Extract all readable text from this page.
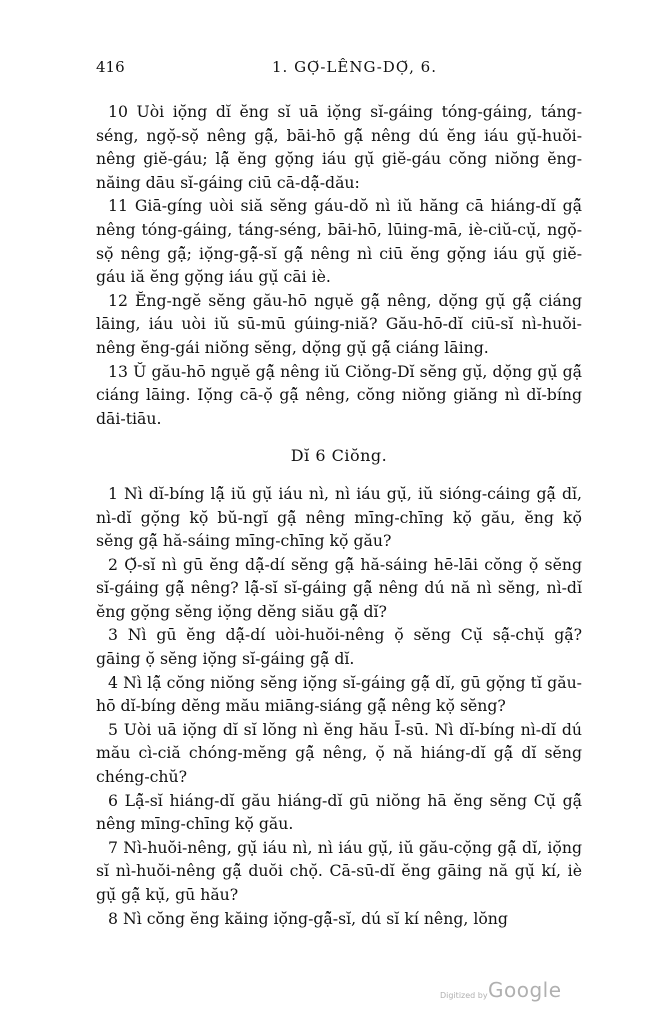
416	1. GỌ̆-LÊNG-DỌ̆, 6.

10 Uòi iọ̆ng dĭ ĕng sĭ uā iọ̆ng sĭ-gáing tóng-gáing, táng-séng, ngọ̆-sọ̆ nêng gậ̆, bāi-hō gậ̆ nêng dú ĕng iáu gụ̆-huŏi-nêng giĕ-gáu; lậ̆ ĕng gọ̆ng iáu gụ̆ giĕ-gáu cŏng niŏng ĕng-năing dāu sĭ-gáing ciū cā-dậ̆-dău:

11 Giā-gíng uòi siă sĕng gáu-dŏ nì iŭ hăng cā hiáng-dĭ gậ̆ nêng tóng-gáing, táng-séng, bāi-hō, lūing-mā, iè-ciŭ-cụ̆, ngọ̆-sọ̆ nêng gậ̆; iọ̆ng-gậ̆-sĭ gậ̆ nêng nì ciū ĕng gọ̆ng iáu gụ̆ giĕ-gáu iă ĕng gọ̆ng iáu gụ̆ cāi iè.

12 Ĕng-ngĕ sĕng gău-hō ngụĕ gậ̆ nêng, dọ̆ng gụ̆ gậ̆ ciáng lāing, iáu uòi iŭ sū-mū gúing-niă? Gău-hō-dĭ ciū-sĭ nì-huŏi-nêng ĕng-gái niŏng sĕng, dọ̆ng gụ̆ gậ̆ ciáng lāing.

13 Ŭ gău-hō ngụĕ gậ̆ nêng iŭ Ciŏng-Dĭ sĕng gụ̆, dọ̆ng gụ̆ gậ̆ ciáng lāing. Iọ̆ng cā-ọ̆ gậ̆ nêng, cŏng niŏng giăng nì dĭ-bíng dāi-tiāu.

Dĭ 6 Ciŏng.

1 Nì dĭ-bíng lậ̆ iŭ gụ̆ iáu nì, nì iáu gụ̆, iŭ sióng-cáing gậ̆ dĭ, nì-dĭ gọ̆ng kọ̆ bŭ-ngĭ gậ̆ nêng mīng-chīng kọ̆ gău, ĕng kọ̆ sĕng gậ̆ hă-sáing mīng-chīng kọ̆ gău?

2 Ọ̆-sĭ nì gū ĕng dậ̆-dí sĕng gậ̆ hă-sáing hē-lāi cŏng ọ̆ sĕng sĭ-gáing gậ̆ nêng? lậ̆-sĭ sĭ-gáing gậ̆ nêng dú nă nì sĕng, nì-dĭ ĕng gọ̆ng sĕng iọ̆ng dĕng siău gậ̆ dĭ?

3 Nì gū ĕng dậ̆-dí uòi-huŏi-nêng ọ̆ sĕng Cụ̆ sậ̆-chụ̆ gậ̆? gāing ọ̆ sĕng iọ̆ng sĭ-gáing gậ̆ dĭ.

4 Nì lậ̆ cŏng niŏng sĕng iọ̆ng sĭ-gáing gậ̆ dĭ, gū gọ̆ng tĭ gău-hō dĭ-bíng dĕng mău miāng-siáng gậ̆ nêng kọ̆ sĕng?

5 Uòi uā iọ̆ng dĭ sĭ lŏng nì ĕng hău Ī-sū. Nì dĭ-bíng nì-dĭ dú mău cì-ciă chóng-mĕng gậ̆ nêng, ọ̆ nă hiáng-dĭ gậ̆ dĭ sĕng chéng-chŭ?

6 Lậ̆-sĭ hiáng-dĭ gău hiáng-dĭ gū niŏng hā ĕng sĕng Cụ̆ gậ̆ nêng mīng-chīng kọ̆ gău.

7 Nì-huŏi-nêng, gụ̆ iáu nì, nì iáu gụ̆, iŭ gău-cọ̆ng gậ̆ dĭ, iọ̆ng sĭ nì-huŏi-nêng gậ̆ duŏi chọ̆. Cā-sū-dĭ ĕng gāing nă gụ̆ kí, iè gụ̆ gậ̆ kụ̆, gū hău?

8 Nì cŏng ĕng kăing iọ̆ng-gậ̆-sĭ, dú sĭ kí nêng, lŏng

Digitized by Google
